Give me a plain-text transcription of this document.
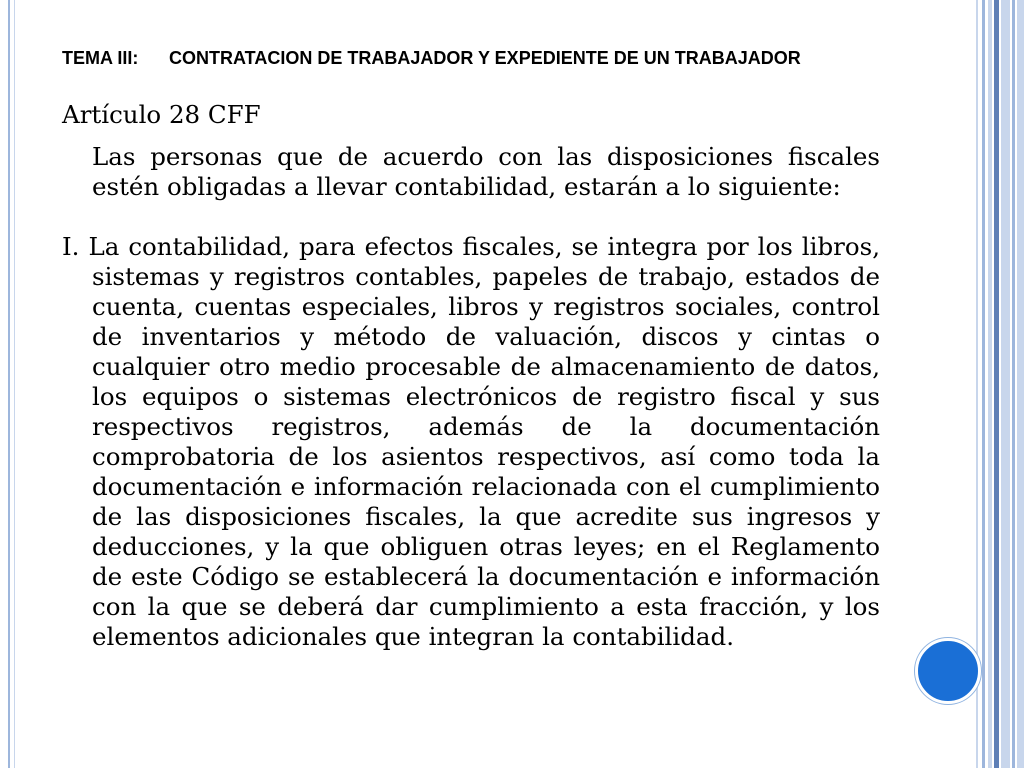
TEMA III: CONTRATACION DE TRABAJADOR Y EXPEDIENTE DE UN TRABAJADOR

Artículo 28 CFF

Las personas que de acuerdo con las disposiciones fiscales estén obligadas a llevar contabilidad, estarán a lo siguiente:

I. La contabilidad, para efectos fiscales, se integra por los libros, sistemas y registros contables, papeles de trabajo, estados de cuenta, cuentas especiales, libros y registros sociales, control de inventarios y método de valuación, discos y cintas o cualquier otro medio procesable de almacenamiento de datos, los equipos o sistemas electrónicos de registro fiscal y sus respectivos registros, además de la documentación comprobatoria de los asientos respectivos, así como toda la documentación e información relacionada con el cumplimiento de las disposiciones fiscales, la que acredite sus ingresos y deducciones, y la que obliguen otras leyes; en el Reglamento de este Código se establecerá la documentación e información con la que se deberá dar cumplimiento a esta fracción, y los elementos adicionales que integran la contabilidad.
